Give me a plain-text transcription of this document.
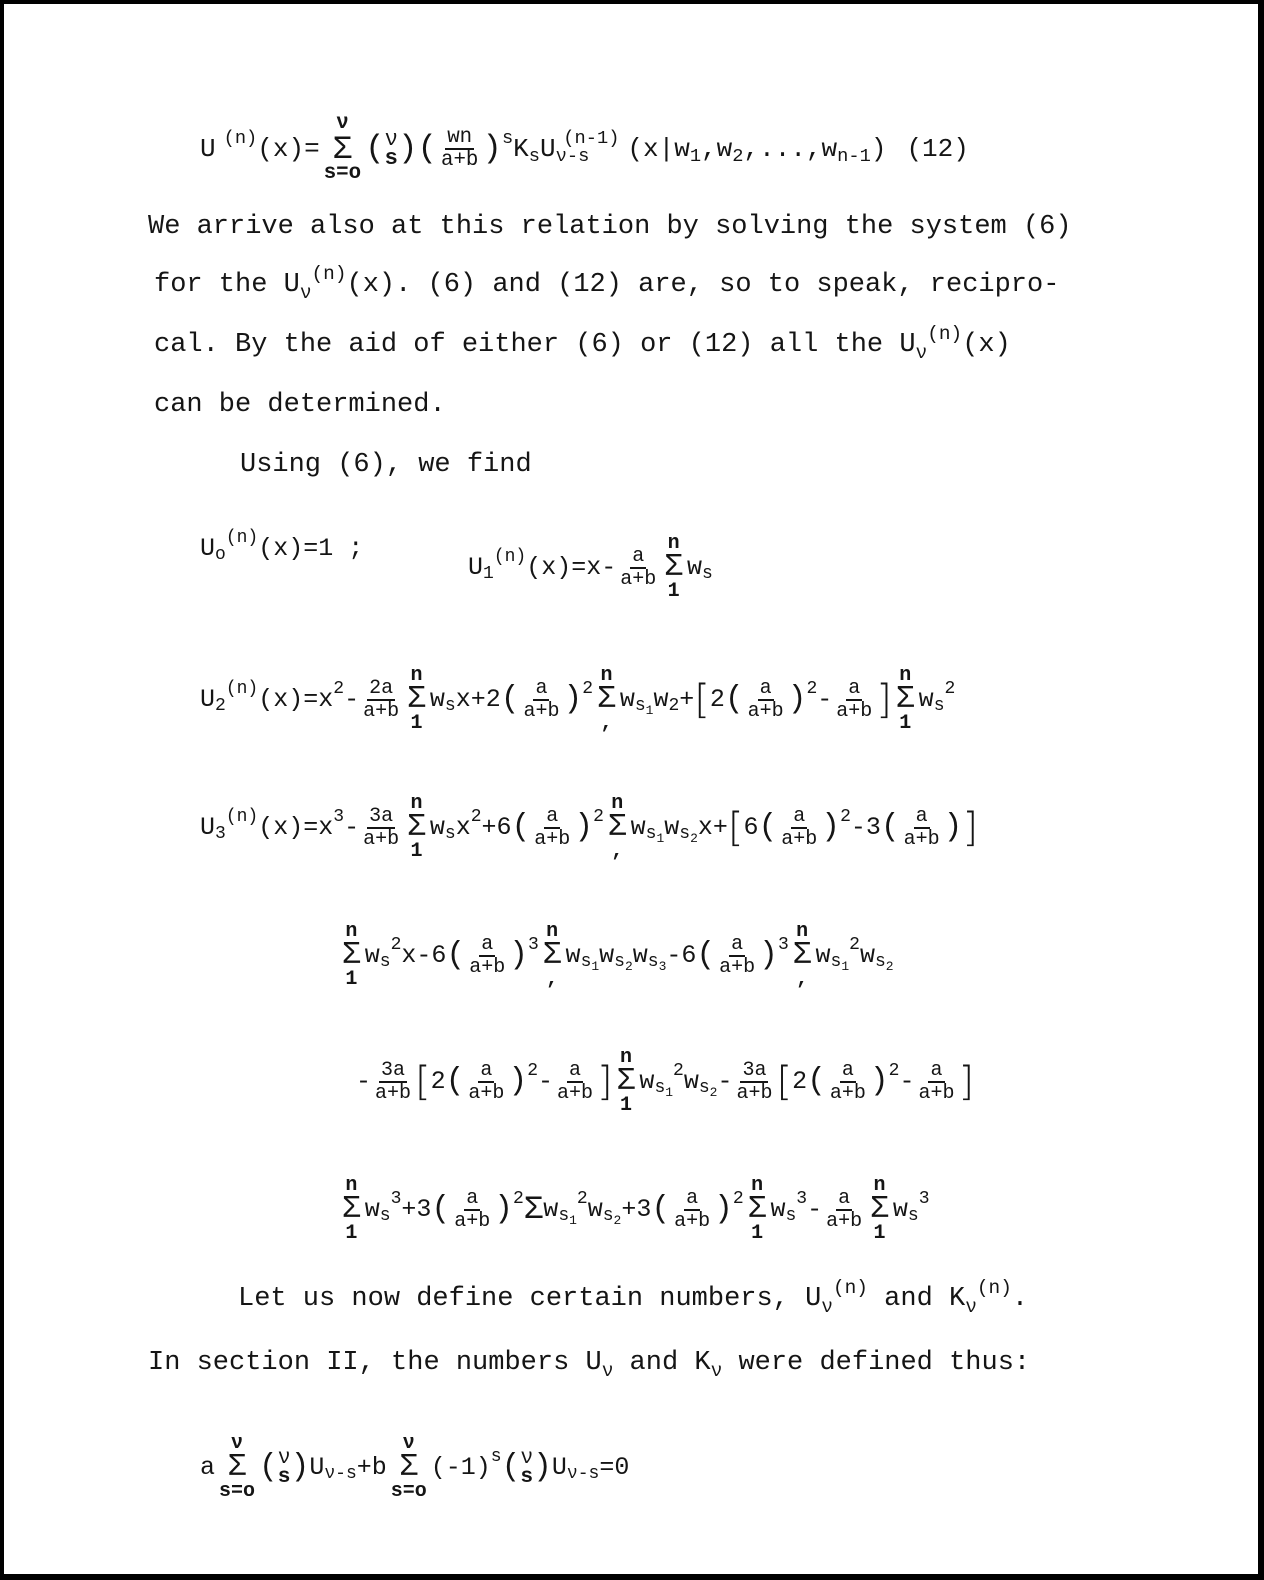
U $^{(n)}$ (x)=
ν
Σ
s=o
( ν
s ) ( $\frac{wn}{a+b} )^s$ $K_s$ $U_{\nu-s}$
$^{(n-1)}$ ($x|w_1$ $,w_2$ $,...,w_{n-1}$ ) (12)
We arrive also at this relation by solving the system (6)
for the $U_\nu^{(n)}(x)$. (6) and (12) are, so to speak, recipro-
cal. By the aid of either (6) or (12) all the $U_\nu^{(n)}(x)$
can be determined.
Using (6), we find
$U_o$
$^{(n)}$ (x)=1 ;
$U_1$
$^{(n)}$ $(x)=x- \frac{a}{a+b}$
n
Σ
1
$w_s$
$U_2$
$^{(n)}$ $(x)=x^2 - \frac{2a}{a+b}$
n
Σ
1
$w_s$ x+2 ( $\frac{a}{a+b} )^2$
n
Σ
,
w $_{s_1}$ $w_2$ + [ 2 ( $\frac{a}{a+b} )^2 - \frac{a}{a+b}$ ]
n
Σ
1
$w_s$
$^2$
$U_3$
$^{(n)}$ $(x)=x^3 - \frac{3a}{a+b}$
n
Σ
1
$w_s$ $x^2 +6$ ( $\frac{a}{a+b} )^2$
n
Σ
,
w $_{s_1}$ w $_{s_2}$ x+ [ 6 ( $\frac{a}{a+b} )^2$ -3 ( $\frac{a}{a+b}$ ) ]
n
Σ
1
$w_s$
$^2$ x-6 ( $\frac{a}{a+b} )^3$
n
Σ
,
w $_{s_1}$ w $_{s_2}$ w $_{s_3}$ -6 ( $\frac{a}{a+b} )^3$
n
Σ
,
w $_{s_1}$
$^2$ w $_{s_2}$
- $\frac{3a}{a+b}$ [ 2 ( $\frac{a}{a+b} )^2 - \frac{a}{a+b}$ ]
n
Σ
1
w $_{s_1}$
$^2$ w $_{s_2} - \frac{3a}{a+b}$ [ 2 ( $\frac{a}{a+b} )^2 - \frac{a}{a+b}$ ]
n
Σ
1
$w_s$
$^3$ +3 ( $\frac{a}{a+b} )^2$ Σ w $_{s_1}$
$^2$ w $_{s_2}$ +3 ( $\frac{a}{a+b} )^2$
n
Σ
1
$w_s$
$^3 - \frac{a}{a+b}$
n
Σ
1
$w_s$
$^3$
Let us now define certain numbers, $U_\nu^{(n)}$ and $K_\nu^{(n)}$.
In section II, the numbers $U_\nu$ and $K_\nu$ were defined thus:
a
ν
Σ
s=o
( ν
s ) $U_{\nu-s} +b$
ν
Σ
s=o
$(-1)^s$ ( ν
s ) $U_{\nu-s} =0$
